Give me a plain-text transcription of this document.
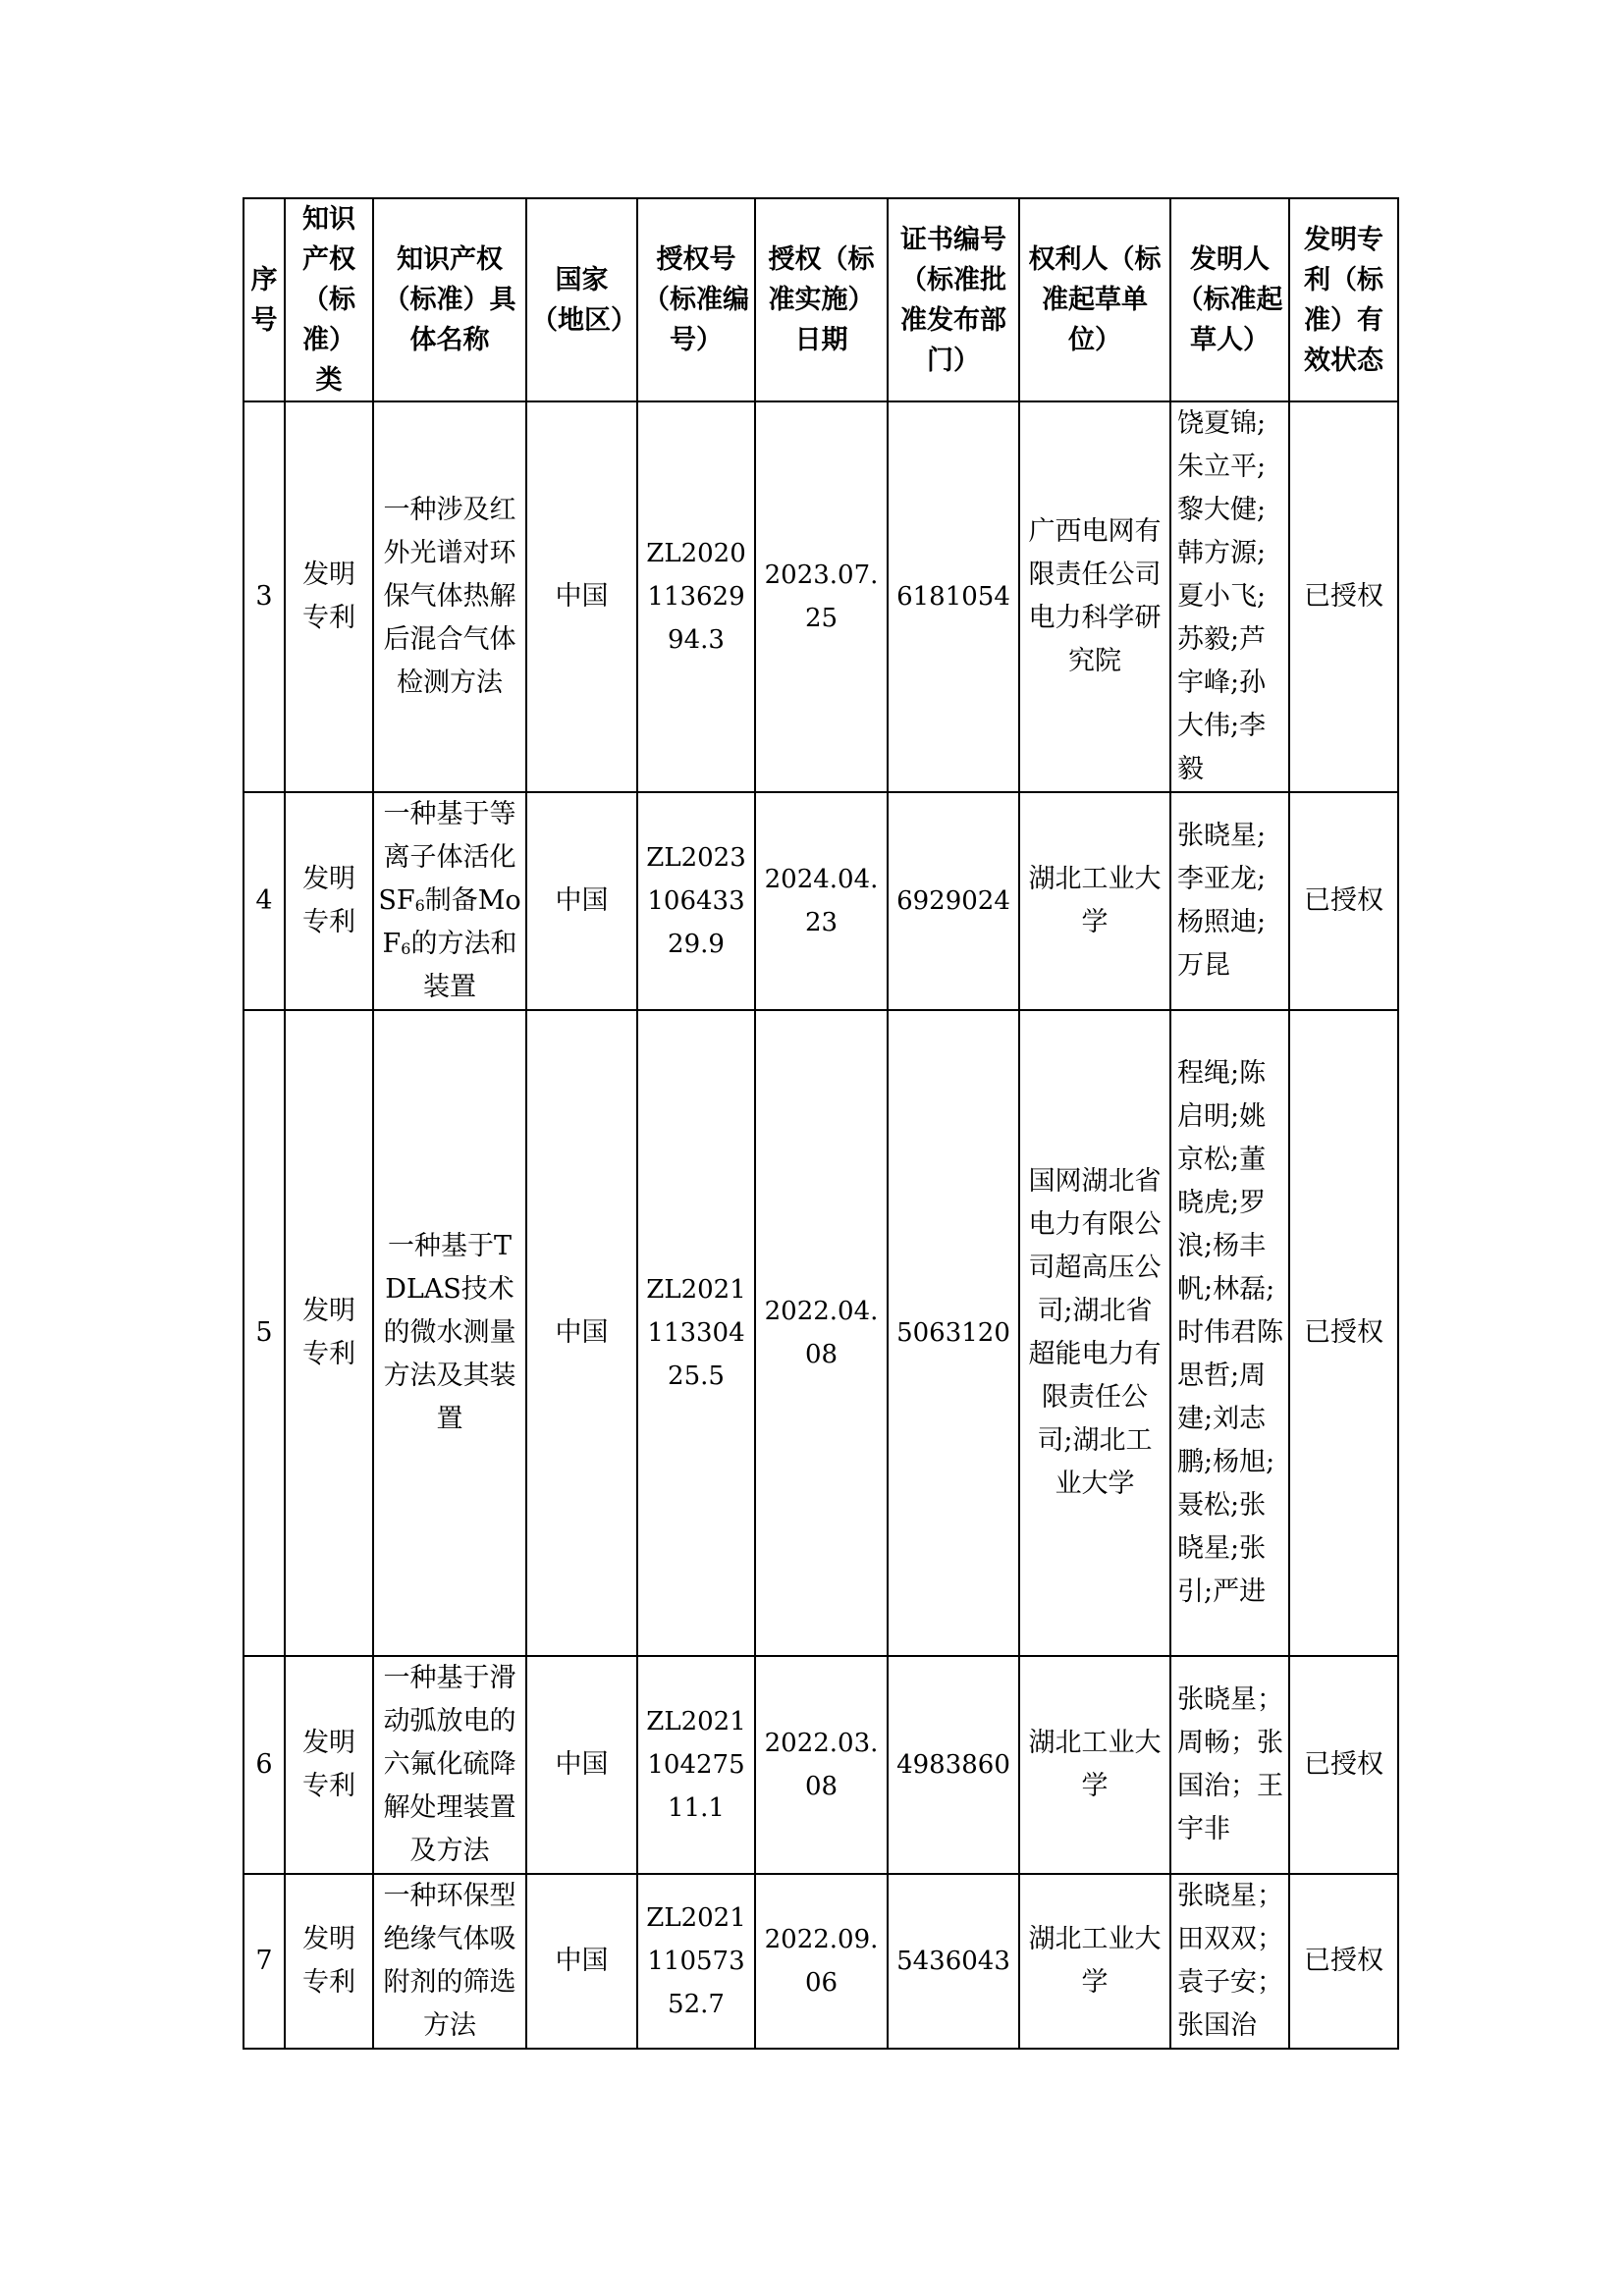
序号	知识产权（标准）类	知识产权（标准）具体名称	国家（地区）	授权号（标准编号）	授权（标准实施）日期	证书编号（标准批准发布部门）	权利人（标准起草单位）	发明人（标准起草人）	发明专利（标准）有效状态
3	发明专利	一种涉及红外光谱对环保气体热解后混合气体检测方法	中国	ZL202011362994.3	2023.07.25	6181054	广西电网有限责任公司电力科学研究院	饶夏锦;朱立平;黎大健;韩方源;夏小飞;苏毅;芦宇峰;孙大伟;李毅	已授权
4	发明专利	一种基于等离子体活化$SF_6$制备MoF$_6$的方法和装置	中国	ZL202310643329.9	2024.04.23	6929024	湖北工业大学	张晓星;李亚龙;杨照迪;万昆	已授权
5	发明专利	一种基于TDLAS技术的微水测量方法及其装置	中国	ZL202111330425.5	2022.04.08	5063120	国网湖北省电力有限公司超高压公司;湖北省超能电力有限责任公司;湖北工业大学	程绳;陈启明;姚京松;董晓虎;罗浪;杨丰帆;林磊;时伟君陈思哲;周建;刘志鹏;杨旭;聂松;张晓星;张引;严进	已授权
6	发明专利	一种基于滑动弧放电的六氟化硫降解处理装置及方法	中国	ZL202110427511.1	2022.03.08	4983860	湖北工业大学	张晓星；周畅；张国治；王宇非	已授权
7	发明专利	一种环保型绝缘气体吸附剂的筛选方法	中国	ZL202111057352.7	2022.09.06	5436043	湖北工业大学	张晓星；田双双；袁子安；张国治	已授权
